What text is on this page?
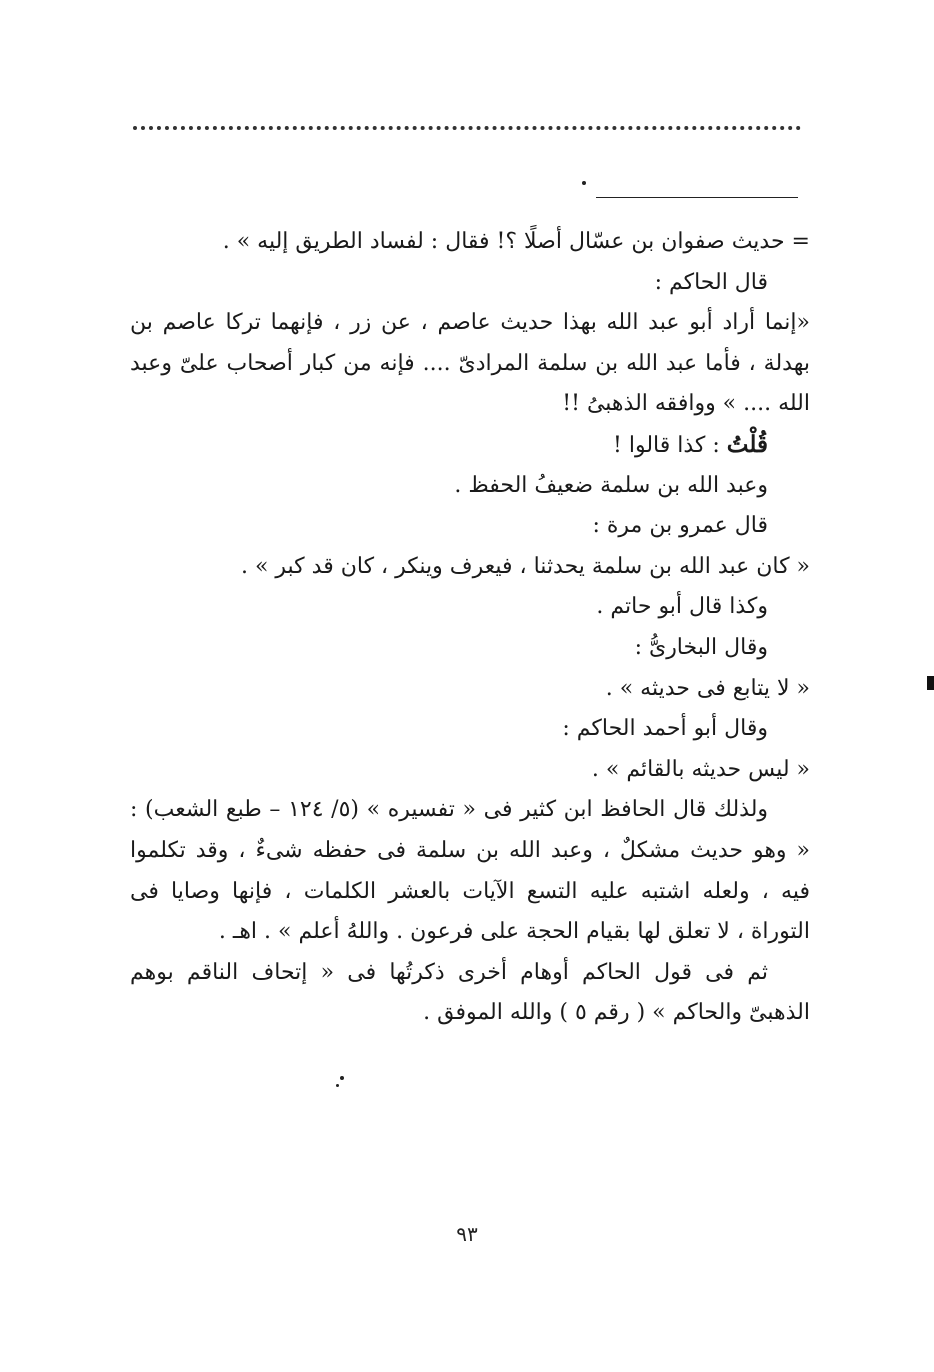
= حديث صفوان بن عسّال أصلًا ؟! فقال : لفساد الطريق إليه » .
قال الحاكم :
«إنما أراد أبو عبد الله بهذا حديث عاصم ، عن زر ، فإنهما تركا عاصم بن
بهدلة ، فأما عبد الله بن سلمة المرادىّ .... فإنه من كبار أصحاب علىّ وعبد
الله .... » ووافقه الذهبىُ !!
قُلْتُ : كذا قالوا !
وعبد الله بن سلمة ضعيفُ الحفظ .
قال عمرو بن مرة :
« كان عبد الله بن سلمة يحدثنا ، فيعرف وينكر ، كان قد كبر » .
وكذا قال أبو حاتم .
وقال البخارىُّ :
« لا يتابع فى حديثه » .
وقال أبو أحمد الحاكم :
« ليس حديثه بالقائم » .
ولذلك قال الحافظ ابن كثير فى « تفسيره » (٥/ ١٢٤ – طبع الشعب) :
« وهو حديث مشكلٌ ، وعبد الله بن سلمة فى حفظه شىءٌ ، وقد تكلموا
فيه ، ولعله اشتبه عليه التسع الآيات بالعشر الكلمات ، فإنها وصايا فى
التوراة ، لا تعلق لها بقيام الحجة على فرعون . واللهُ أعلم » . اهـ .
ثم فى قول الحاكم أوهام أخرى ذكرتُها فى « إتحاف الناقم بوهم
الذهبىّ والحاكم » ( رقم ٥ ) والله الموفق .
٩٣
